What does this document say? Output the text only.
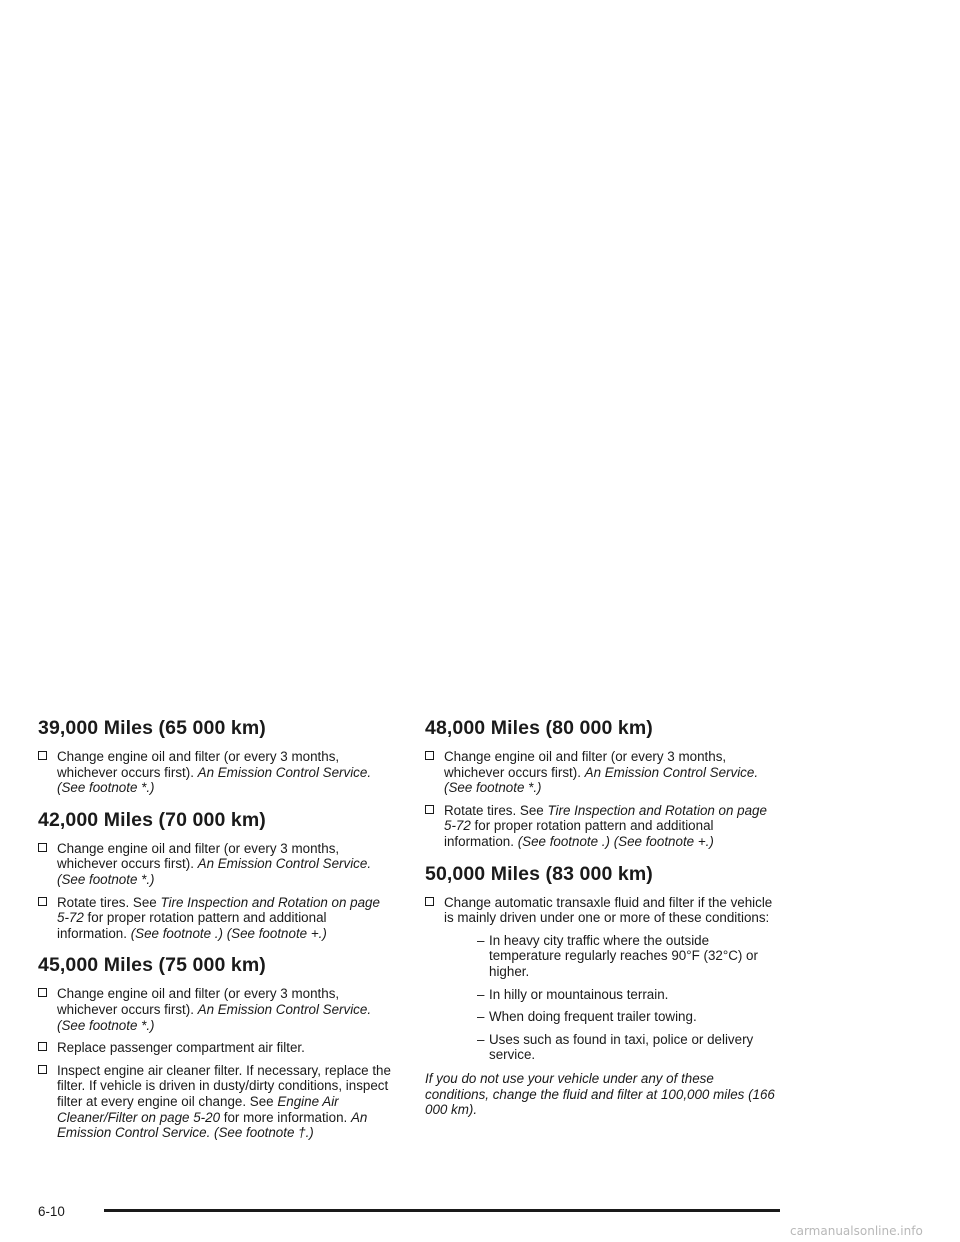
39,000 Miles (65 000 km)
Change engine oil and filter (or every 3 months, whichever occurs first). An Emission Control Service. (See footnote *.)
42,000 Miles (70 000 km)
Change engine oil and filter (or every 3 months, whichever occurs first). An Emission Control Service. (See footnote *.)
Rotate tires. See Tire Inspection and Rotation on page 5-72 for proper rotation pattern and additional information. (See footnote .) (See footnote +.)
45,000 Miles (75 000 km)
Change engine oil and filter (or every 3 months, whichever occurs first). An Emission Control Service. (See footnote *.)
Replace passenger compartment air filter.
Inspect engine air cleaner filter. If necessary, replace the filter. If vehicle is driven in dusty/dirty conditions, inspect filter at every engine oil change. See Engine Air Cleaner/Filter on page 5-20 for more information. An Emission Control Service. (See footnote †.)
48,000 Miles (80 000 km)
Change engine oil and filter (or every 3 months, whichever occurs first). An Emission Control Service. (See footnote *.)
Rotate tires. See Tire Inspection and Rotation on page 5-72 for proper rotation pattern and additional information. (See footnote .) (See footnote +.)
50,000 Miles (83 000 km)
Change automatic transaxle fluid and filter if the vehicle is mainly driven under one or more of these conditions:
– In heavy city traffic where the outside temperature regularly reaches 90°F (32°C) or higher.
– In hilly or mountainous terrain.
– When doing frequent trailer towing.
– Uses such as found in taxi, police or delivery service.
If you do not use your vehicle under any of these conditions, change the fluid and filter at 100,000 miles (166 000 km).
6-10
carmanualsonline.info
